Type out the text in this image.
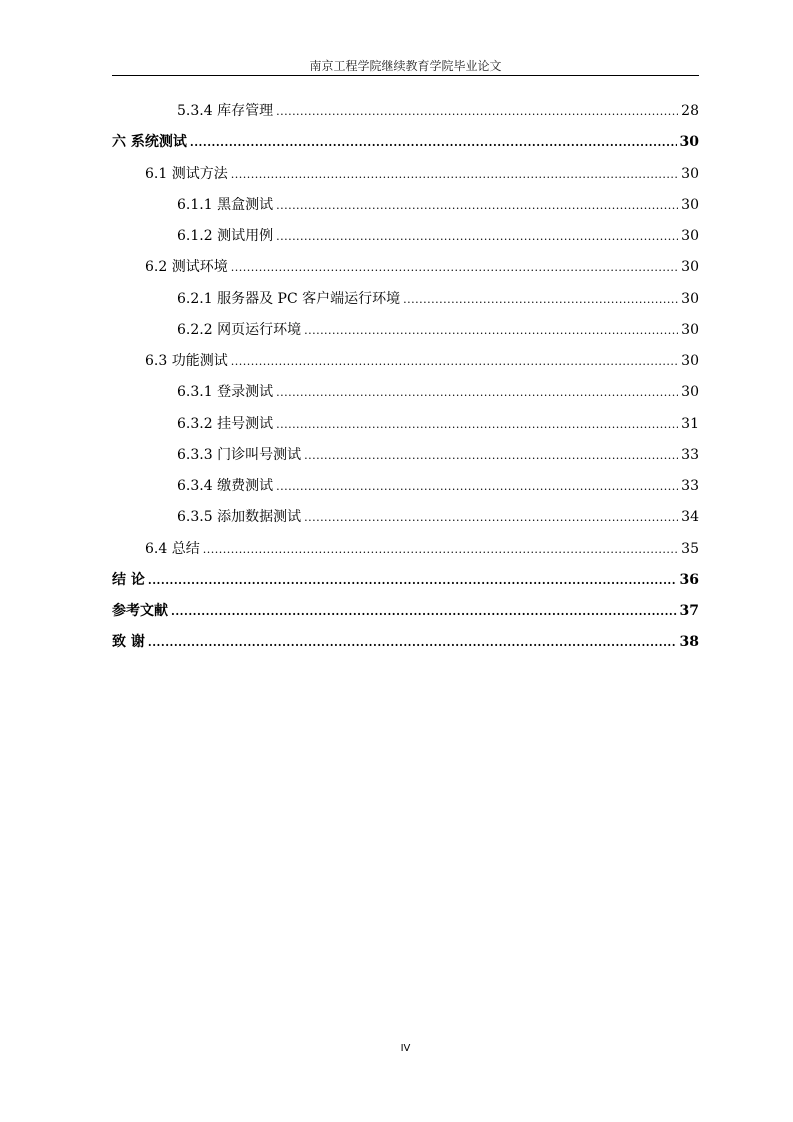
南京工程学院继续教育学院毕业论文
5.3.4 库存管理 .....	28
六 系统测试 .....	30
6.1 测试方法 .....	30
6.1.1 黑盒测试 .....	30
6.1.2 测试用例 .....	30
6.2 测试环境 .....	30
6.2.1 服务器及 PC 客户端运行环境 .....	30
6.2.2 网页运行环境 .....	30
6.3 功能测试 .....	30
6.3.1 登录测试 .....	30
6.3.2 挂号测试 .....	31
6.3.3 门诊叫号测试 .....	33
6.3.4 缴费测试 .....	33
6.3.5 添加数据测试 .....	34
6.4 总结 .....	35
结 论 .....	36
参考文献 .....	37
致 谢 .....	38
IV
